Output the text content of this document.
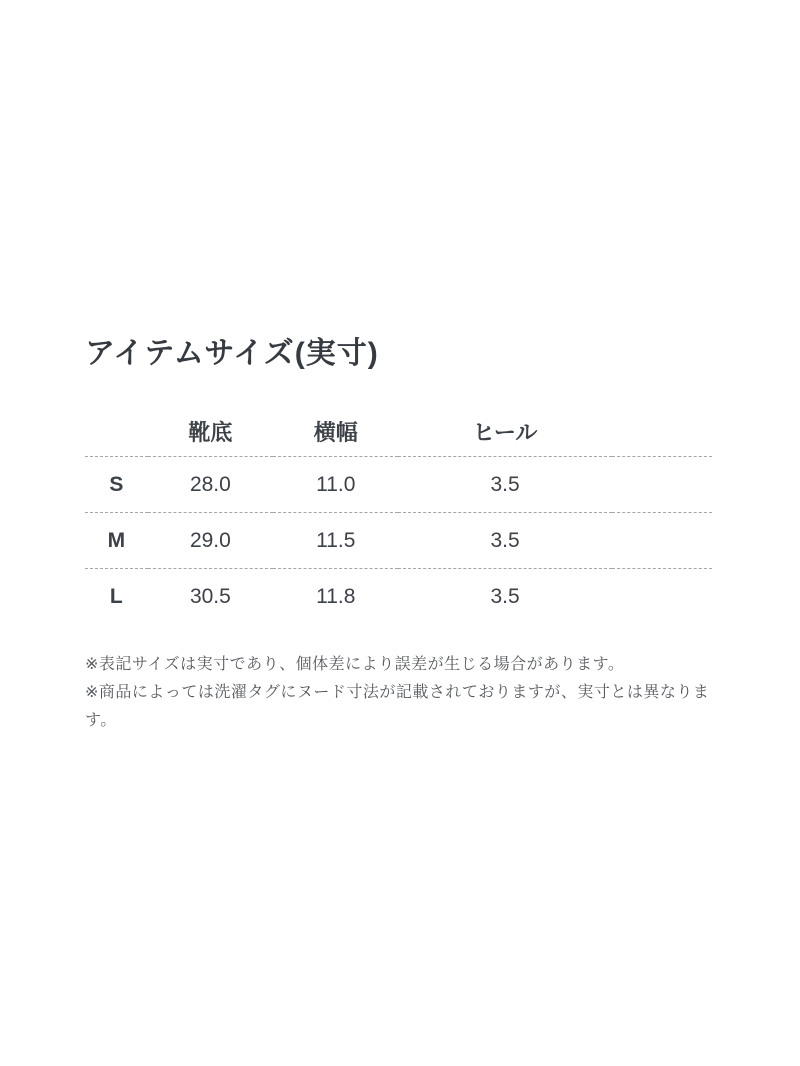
アイテムサイズ(実寸)
	靴底	横幅	ヒール	
S	28.0	11.0	3.5	
M	29.0	11.5	3.5	
L	30.5	11.8	3.5	

※表記サイズは実寸であり、個体差により誤差が生じる場合があります。

※商品によっては洗濯タグにヌード寸法が記載されておりますが、実寸とは異なります。
